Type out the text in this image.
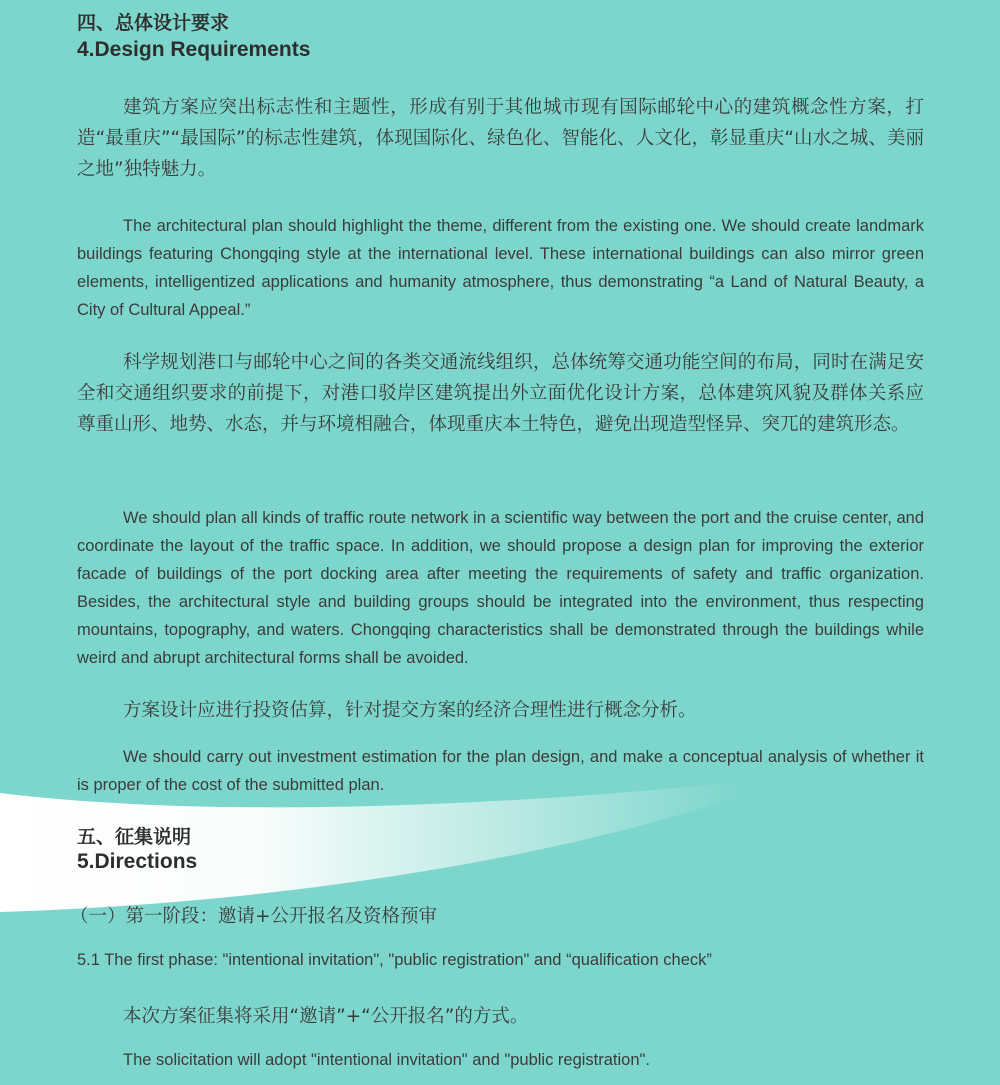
四、总体设计要求
4.Design Requirements

建筑方案应突出标志性和主题性，形成有别于其他城市现有国际邮轮中心的建筑概念性方案，打造“最重庆”“最国际”的标志性建筑，体现国际化、绿色化、智能化、人文化，彰显重庆“山水之城、美丽之地”独特魅力。

The architectural plan should highlight the theme, different from the existing one. We should create landmark buildings featuring Chongqing style at the international level. These international buildings can also mirror green elements, intelligentized applications and humanity atmosphere, thus demonstrating “a Land of Natural Beauty, a City of Cultural Appeal.”

科学规划港口与邮轮中心之间的各类交通流线组织，总体统筹交通功能空间的布局，同时在满足安全和交通组织要求的前提下，对港口驳岸区建筑提出外立面优化设计方案，总体建筑风貌及群体关系应尊重山形、地势、水态，并与环境相融合，体现重庆本土特色，避免出现造型怪异、突兀的建筑形态。

We should plan all kinds of traffic route network in a scientific way between the port and the cruise center, and coordinate the layout of the traffic space. In addition, we should propose a design plan for improving the exterior facade of buildings of the port docking area after meeting the requirements of safety and traffic organization. Besides, the architectural style and building groups should be integrated into the environment, thus respecting mountains, topography, and waters. Chongqing characteristics shall be demonstrated through the buildings while weird and abrupt architectural forms shall be avoided.

方案设计应进行投资估算，针对提交方案的经济合理性进行概念分析。

We should carry out investment estimation for the plan design, and make a conceptual analysis of whether it is proper of the cost of the submitted plan.

五、征集说明
5.Directions

（一）第一阶段：邀请+公开报名及资格预审

5.1 The first phase: "intentional invitation", "public registration" and “qualification check”

本次方案征集将采用“邀请”+“公开报名”的方式。

The solicitation will adopt "intentional invitation" and "public registration".
